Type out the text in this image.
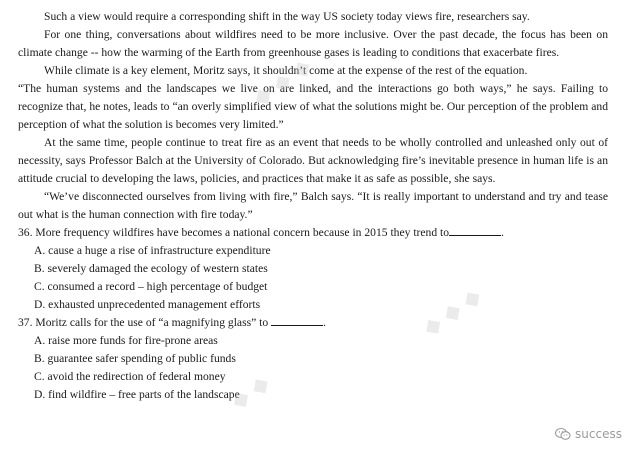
Such a view would require a corresponding shift in the way US society today views fire, researchers say.

For one thing, conversations about wildfires need to be more inclusive. Over the past decade, the focus has been on climate change -- how the warming of the Earth from greenhouse gases is leading to conditions that exacerbate fires.

While climate is a key element, Moritz says, it shouldn’t come at the expense of the rest of the equation.

“The human systems and the landscapes we live on are linked, and the interactions go both ways,” he says. Failing to recognize that, he notes, leads to “an overly simplified view of what the solutions might be. Our perception of the problem and perception of what the solution is becomes very limited.”

At the same time, people continue to treat fire as an event that needs to be wholly controlled and unleashed only out of necessity, says Professor Balch at the University of Colorado. But acknowledging fire’s inevitable presence in human life is an attitude crucial to developing the laws, policies, and practices that make it as safe as possible, she says.

“We’ve disconnected ourselves from living with fire,” Balch says. “It is really important to understand and try and tease out what is the human connection with fire today.”

36. More frequency wildfires have becomes a national concern because in 2015 they trend to	.

A. cause a huge a rise of infrastructure expenditure

B. severely damaged the ecology of western states

C. consumed a record – high percentage of budget

D. exhausted unprecedented management efforts

37. Moritz calls for the use of “a magnifying glass” to	.

A. raise more funds for fire-prone areas

B. guarantee safer spending of public funds

C. avoid the redirection of federal money

D. find wildfire – free parts of the landscape

◆ ◆ ◆
◆ ◆ ◆
◆ ◆
success
